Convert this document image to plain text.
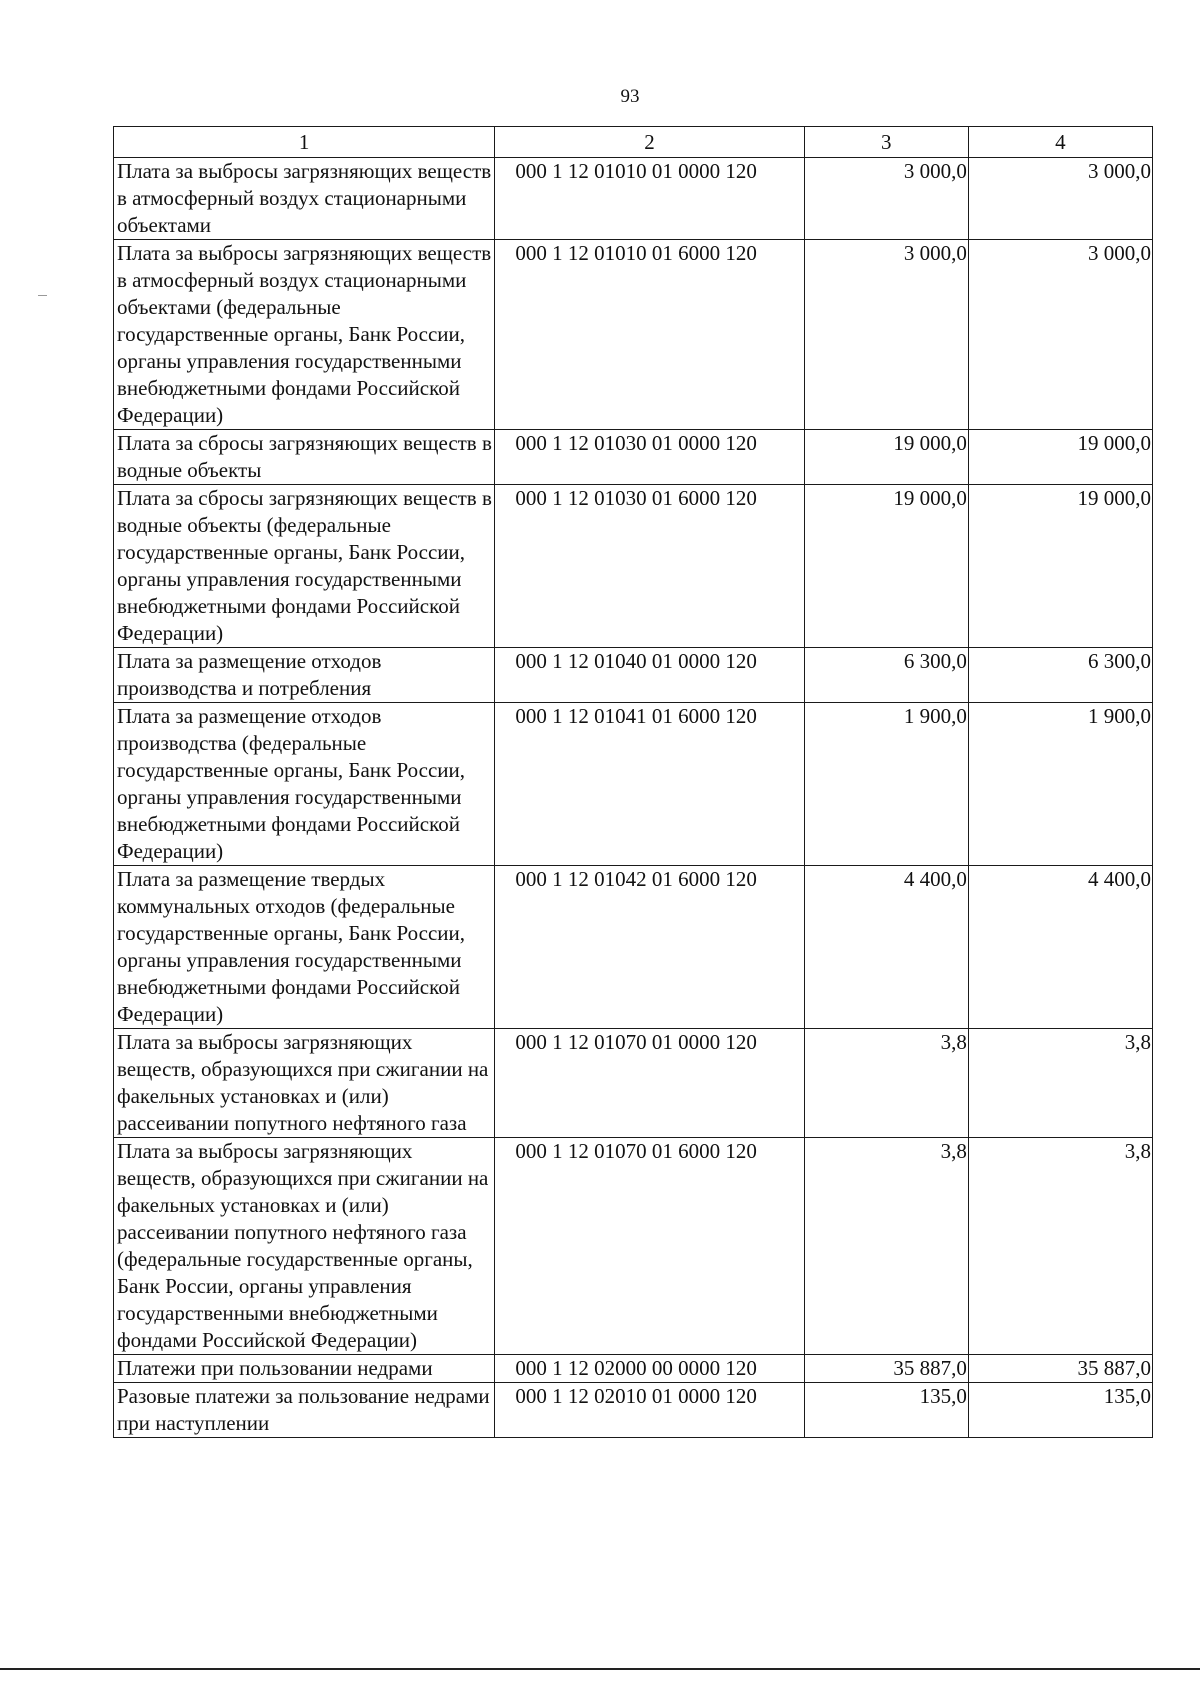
93
1	2	3	4
Плата за выбросы загрязняющих веществ в атмосферный воздух стационарными объектами	000 1 12 01010 01 0000 120	3 000,0	3 000,0
Плата за выбросы загрязняющих веществ в атмосферный воздух стационарными объектами (федеральные государственные органы, Банк России, органы управления государственными внебюджетными фондами Российской Федерации)	000 1 12 01010 01 6000 120	3 000,0	3 000,0
Плата за сбросы загрязняющих веществ в водные объекты	000 1 12 01030 01 0000 120	19 000,0	19 000,0
Плата за сбросы загрязняющих веществ в водные объекты (федеральные государственные органы, Банк России, органы управления государственными внебюджетными фондами Российской Федерации)	000 1 12 01030 01 6000 120	19 000,0	19 000,0
Плата за размещение отходов производства и потребления	000 1 12 01040 01 0000 120	6 300,0	6 300,0
Плата за размещение отходов производства (федеральные государственные органы, Банк России, органы управления государственными внебюджетными фондами Российской Федерации)	000 1 12 01041 01 6000 120	1 900,0	1 900,0
Плата за размещение твердых коммунальных отходов (федеральные государственные органы, Банк России, органы управления государственными внебюджетными фондами Российской Федерации)	000 1 12 01042 01 6000 120	4 400,0	4 400,0
Плата за выбросы загрязняющих веществ, образующихся при сжигании на факельных установках и (или) рассеивании попутного нефтяного газа	000 1 12 01070 01 0000 120	3,8	3,8
Плата за выбросы загрязняющих веществ, образующихся при сжигании на факельных установках и (или) рассеивании попутного нефтяного газа (федеральные государственные органы, Банк России, органы управления государственными внебюджетными фондами Российской Федерации)	000 1 12 01070 01 6000 120	3,8	3,8
Платежи при пользовании недрами	000 1 12 02000 00 0000 120	35 887,0	35 887,0
Разовые платежи за пользование недрами при наступлении	000 1 12 02010 01 0000 120	135,0	135,0
